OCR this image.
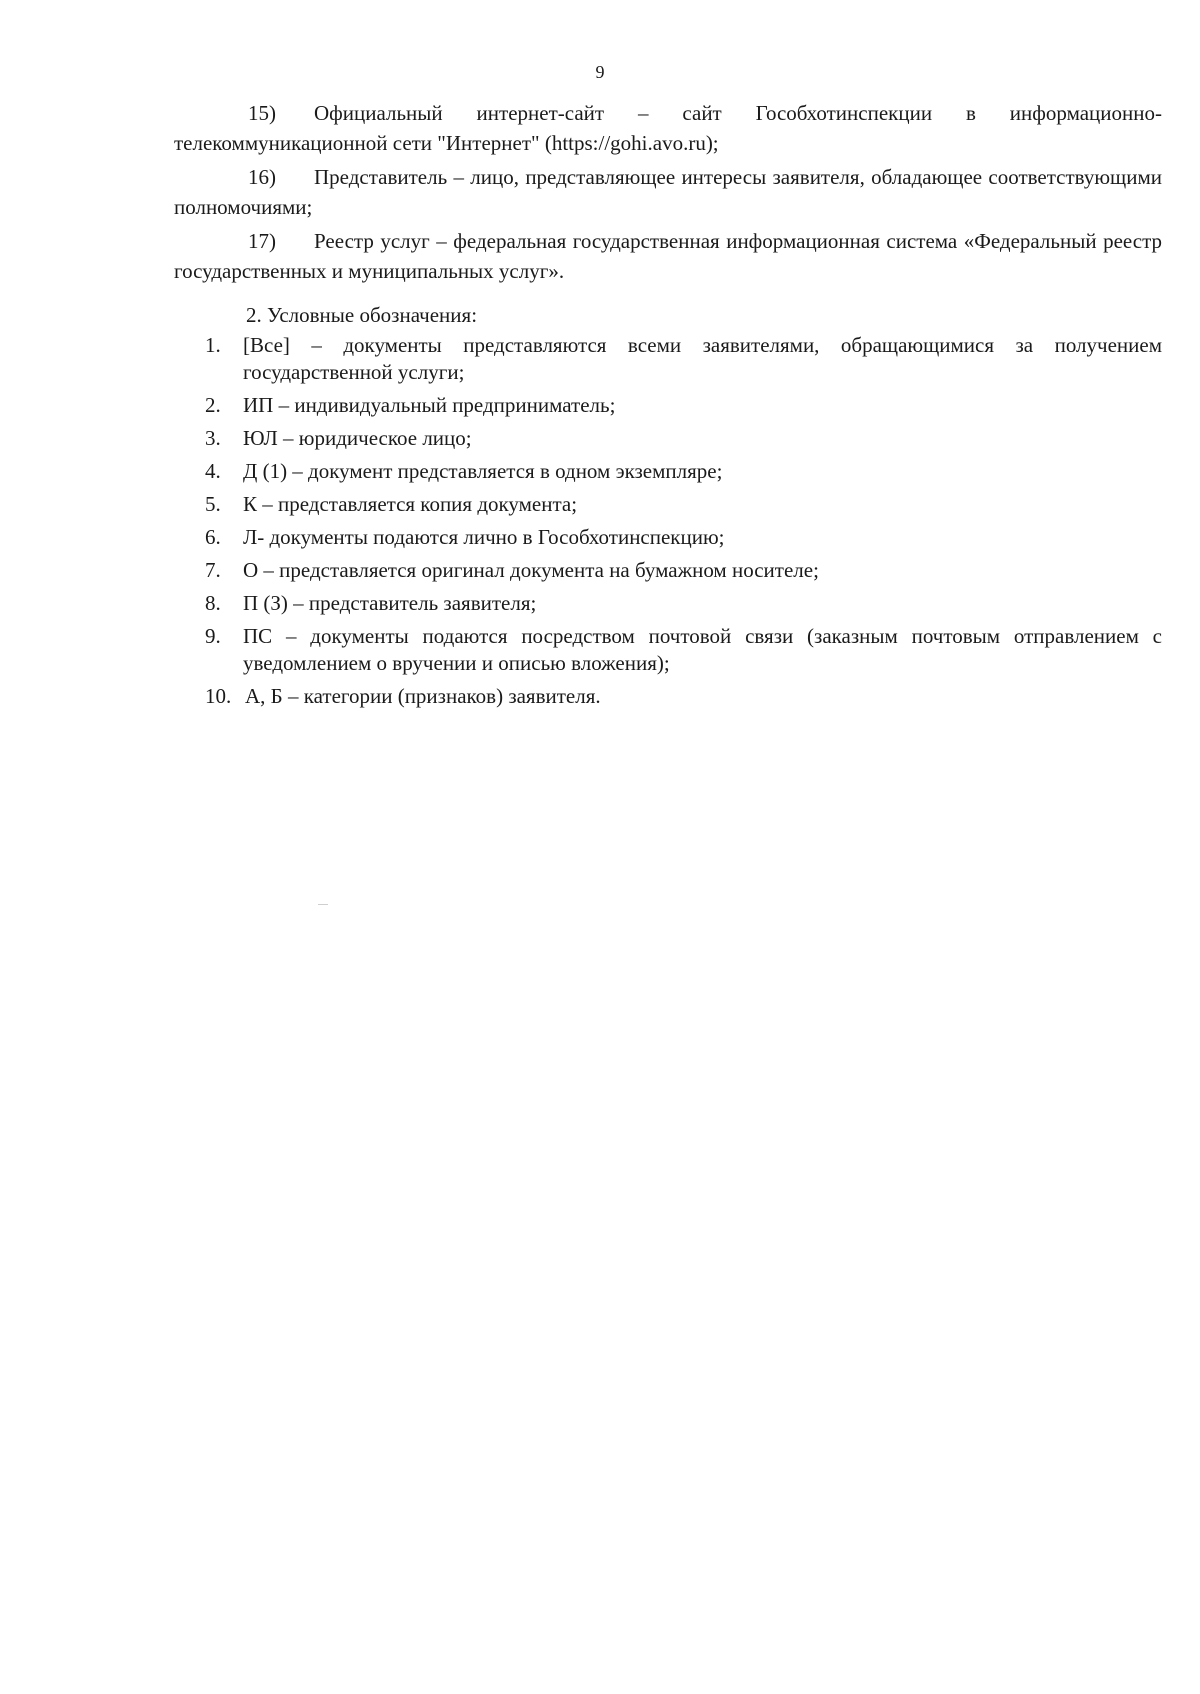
9

15) Официальный интернет-сайт – сайт Гособхотинспекции в информационно-телекоммуникационной сети "Интернет" (https://gohi.avo.ru);

16) Представитель – лицо, представляющее интересы заявителя, обладающее соответствующими полномочиями;

17) Реестр услуг – федеральная государственная информационная система «Федеральный реестр государственных и муниципальных услуг».

2. Условные обозначения:
1.	[Все] – документы представляются всеми заявителями, обращающимися за получением государственной услуги;
2.	ИП – индивидуальный предприниматель;
3.	ЮЛ – юридическое лицо;
4.	Д (1) – документ представляется в одном экземпляре;
5.	К – представляется копия документа;
6.	Л- документы подаются лично в Гособхотинспекцию;
7.	О – представляется оригинал документа на бумажном носителе;
8.	П (З) – представитель заявителя;
9.	ПС – документы подаются посредством почтовой связи (заказным почтовым отправлением с уведомлением о вручении и описью вложения);
10. А, Б – категории (признаков) заявителя.
